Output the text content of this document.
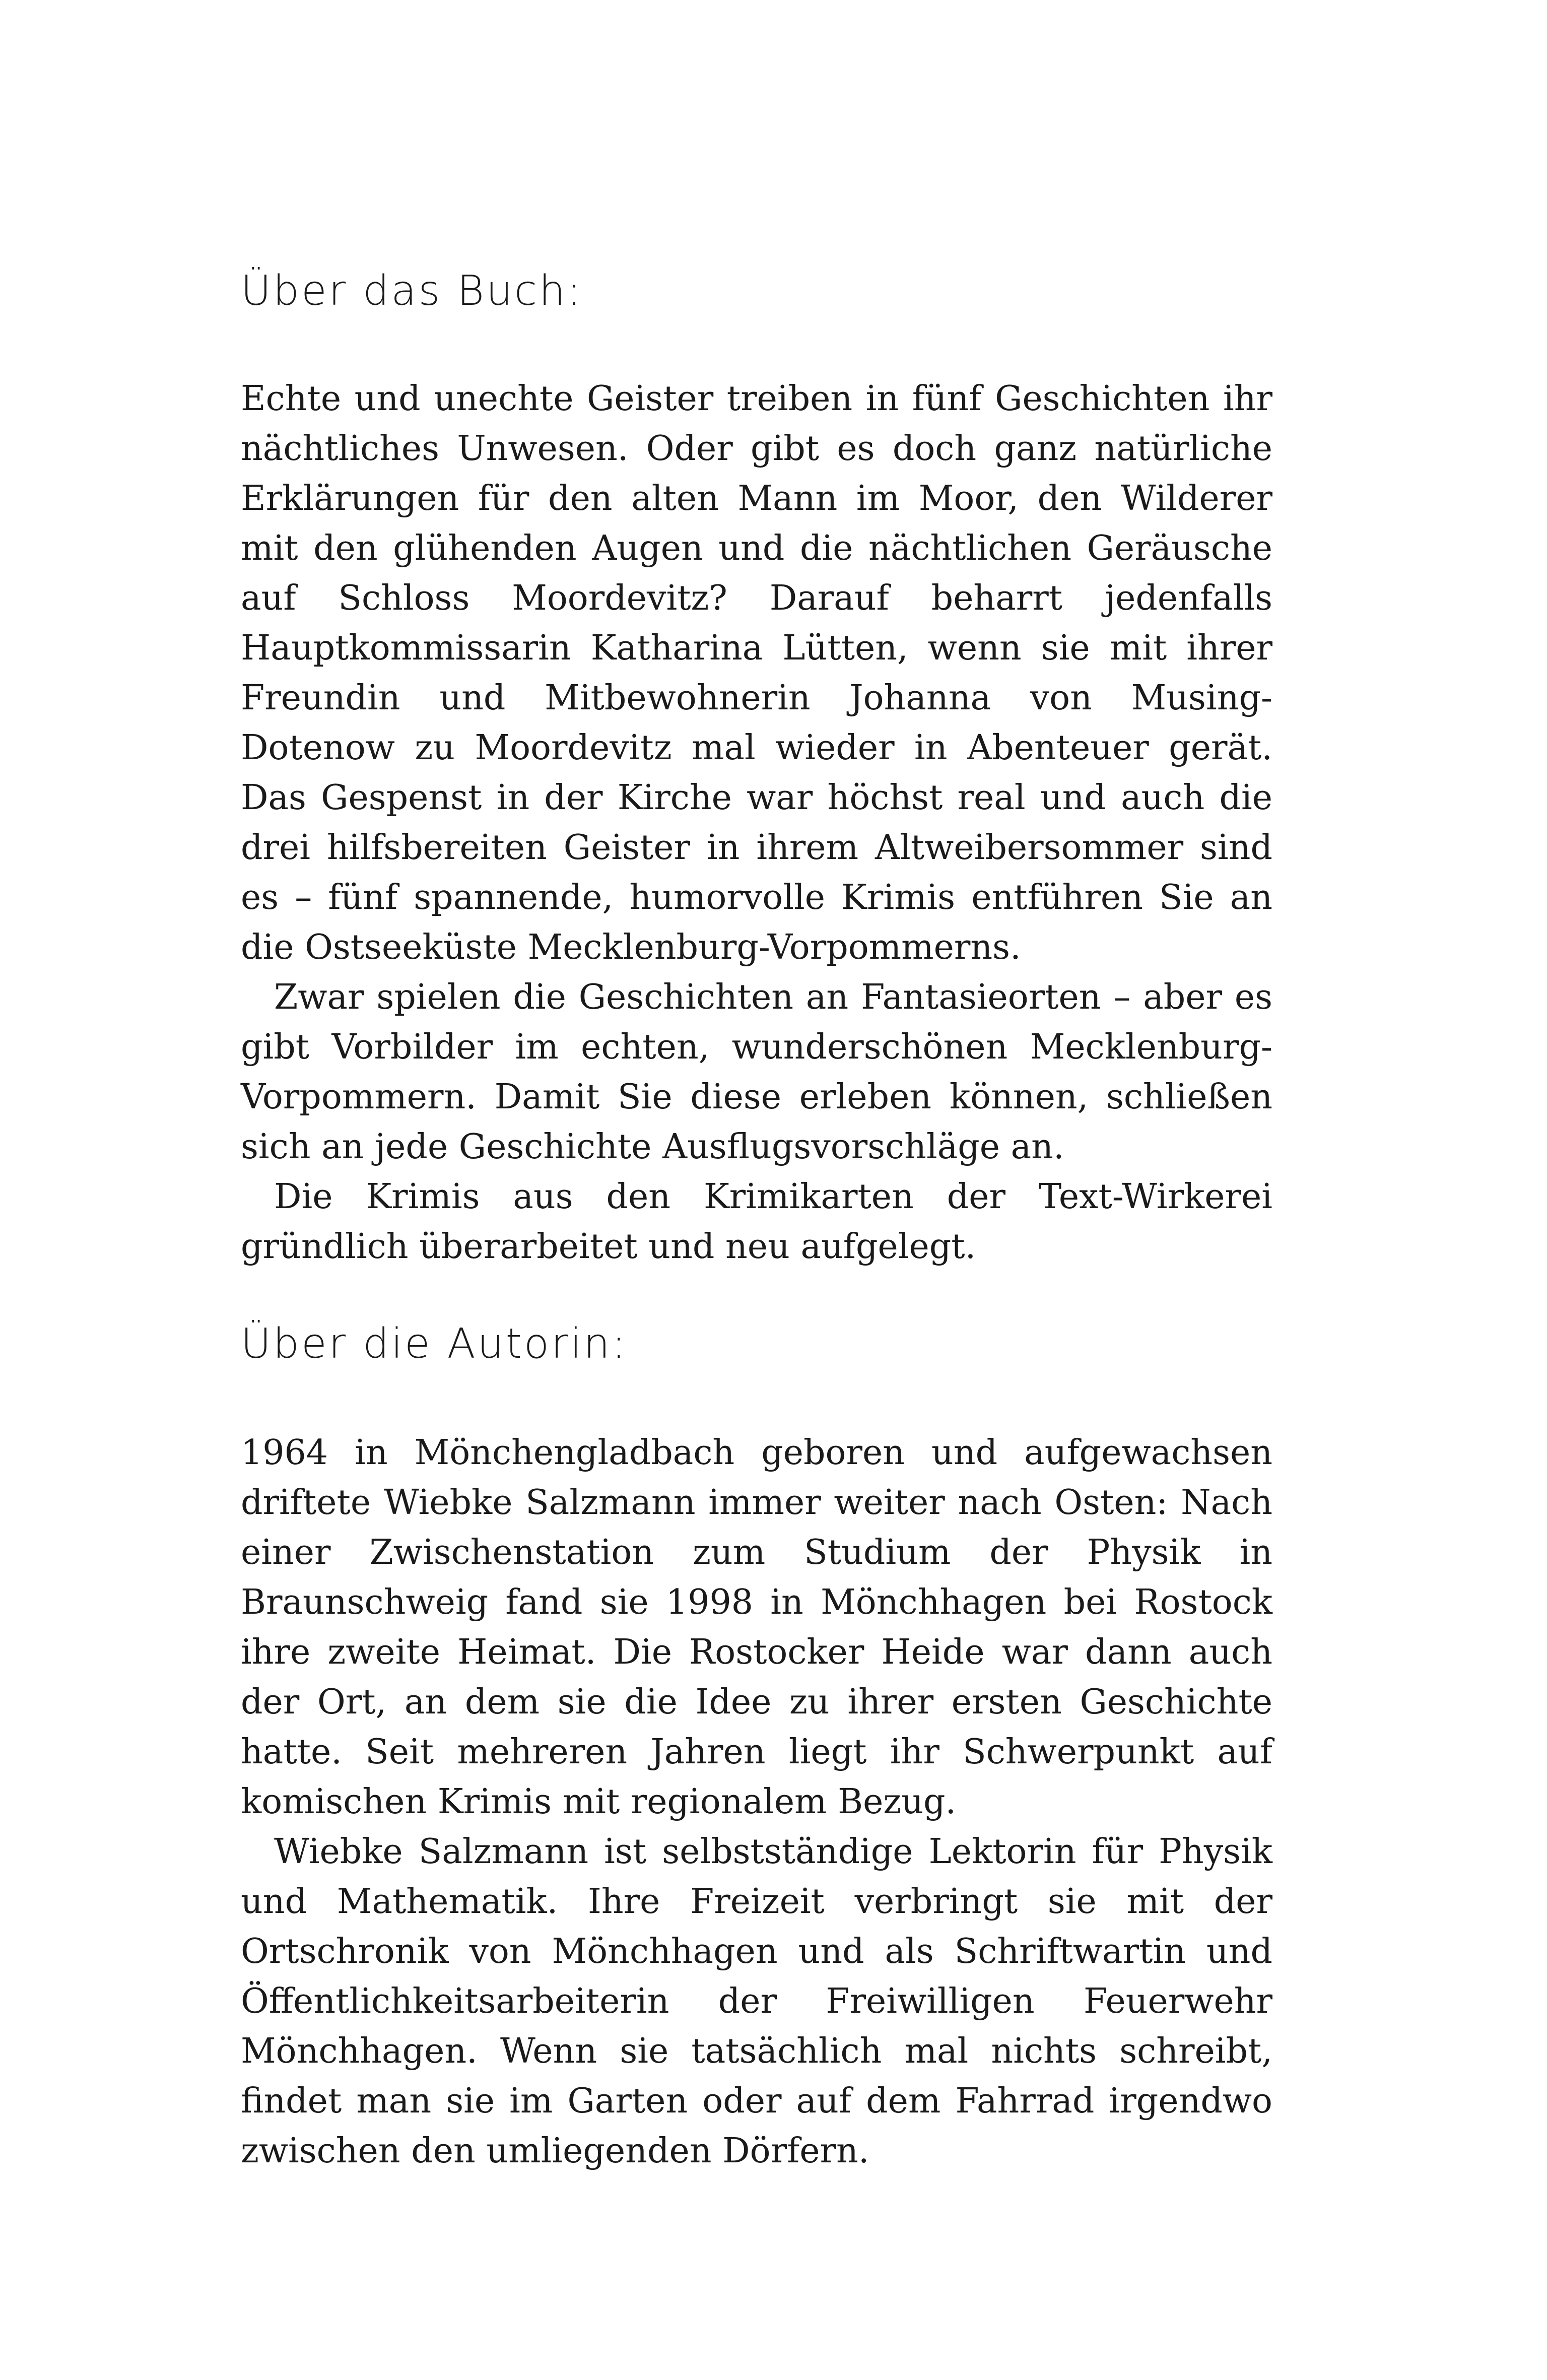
Über das Buch:

Echte und unechte Geister treiben in fünf Geschichten ihr nächtliches Unwesen. Oder gibt es doch ganz natürliche Erklärungen für den alten Mann im Moor, den Wilderer mit den glühenden Augen und die nächtlichen Geräusche auf Schloss Moordevitz? Darauf beharrt jedenfalls Hauptkommissarin Katharina Lütten, wenn sie mit ihrer Freundin und Mitbewohnerin Johanna von Musing-Dotenow zu Moordevitz mal wieder in Abenteuer gerät. Das Gespenst in der Kirche war höchst real und auch die drei hilfsbereiten Geister in ihrem Altweibersommer sind es – fünf spannende, humorvolle Krimis entführen Sie an die Ostseeküste Mecklenburg-Vorpommerns.

Zwar spielen die Geschichten an Fantasieorten – aber es gibt Vorbilder im echten, wunderschönen Mecklenburg-Vorpommern. Damit Sie diese erleben können, schließen sich an jede Geschichte Ausflugsvorschläge an.

Die Krimis aus den Krimikarten der Text-Wirkerei gründlich überarbeitet und neu aufgelegt.

Über die Autorin:

1964 in Mönchengladbach geboren und aufgewachsen driftete Wiebke Salzmann immer weiter nach Osten: Nach einer Zwischenstation zum Studium der Physik in Braunschweig fand sie 1998 in Mönchhagen bei Rostock ihre zweite Heimat. Die Rostocker Heide war dann auch der Ort, an dem sie die Idee zu ihrer ersten Geschichte hatte. Seit mehreren Jahren liegt ihr Schwerpunkt auf komischen Krimis mit regionalem Bezug.

Wiebke Salzmann ist selbstständige Lektorin für Physik und Mathematik. Ihre Freizeit verbringt sie mit der Ortschronik von Mönchhagen und als Schriftwartin und Öffentlichkeitsarbeiterin der Freiwilligen Feuerwehr Mönchhagen. Wenn sie tatsächlich mal nichts schreibt, findet man sie im Garten oder auf dem Fahrrad irgendwo zwischen den umliegenden Dörfern.
